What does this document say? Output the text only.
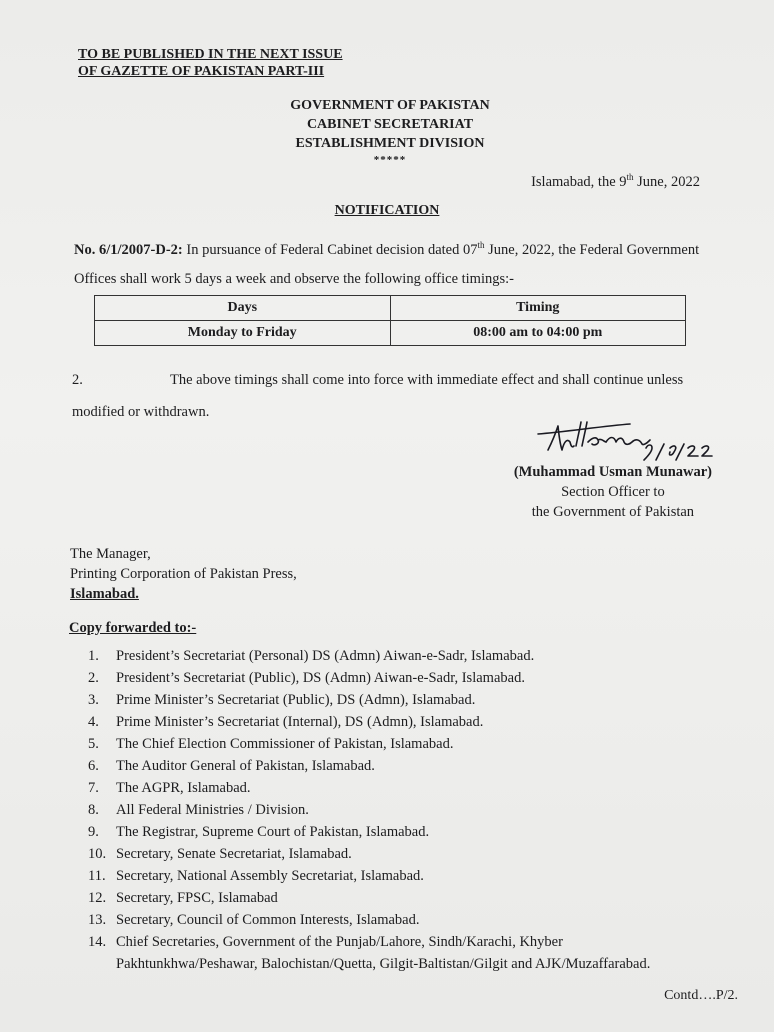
TO BE PUBLISHED IN THE NEXT ISSUE
OF GAZETTE OF PAKISTAN PART-III
GOVERNMENT OF PAKISTAN
CABINET SECRETARIAT
ESTABLISHMENT DIVISION
*****
Islamabad, the 9th June, 2022
NOTIFICATION
No. 6/1/2007-D-2: In pursuance of Federal Cabinet decision dated 07th June, 2022, the Federal Government Offices shall work 5 days a week and observe the following office timings:-
Days	Timing
Monday to Friday	08:00 am to 04:00 pm
2.	The above timings shall come into force with immediate effect and shall continue unless modified or withdrawn.
(Muhammad Usman Munawar)
Section Officer to
the Government of Pakistan
The Manager,
Printing Corporation of Pakistan Press,
Islamabad.
Copy forwarded to:-
1.	President’s Secretariat (Personal) DS (Admn) Aiwan-e-Sadr, Islamabad.
2.	President’s Secretariat (Public), DS (Admn) Aiwan-e-Sadr, Islamabad.
3.	Prime Minister’s Secretariat (Public), DS (Admn), Islamabad.
4.	Prime Minister’s Secretariat (Internal), DS (Admn), Islamabad.
5.	The Chief Election Commissioner of Pakistan, Islamabad.
6.	The Auditor General of Pakistan, Islamabad.
7.	The AGPR, Islamabad.
8.	All Federal Ministries / Division.
9.	The Registrar, Supreme Court of Pakistan, Islamabad.
10. Secretary, Senate Secretariat, Islamabad.
11. Secretary, National Assembly Secretariat, Islamabad.
12. Secretary, FPSC, Islamabad
13. Secretary, Council of Common Interests, Islamabad.
14. Chief Secretaries, Government of the Punjab/Lahore, Sindh/Karachi, Khyber Pakhtunkhwa/Peshawar, Balochistan/Quetta, Gilgit-Baltistan/Gilgit and AJK/Muzaffarabad.
Contd….P/2.
